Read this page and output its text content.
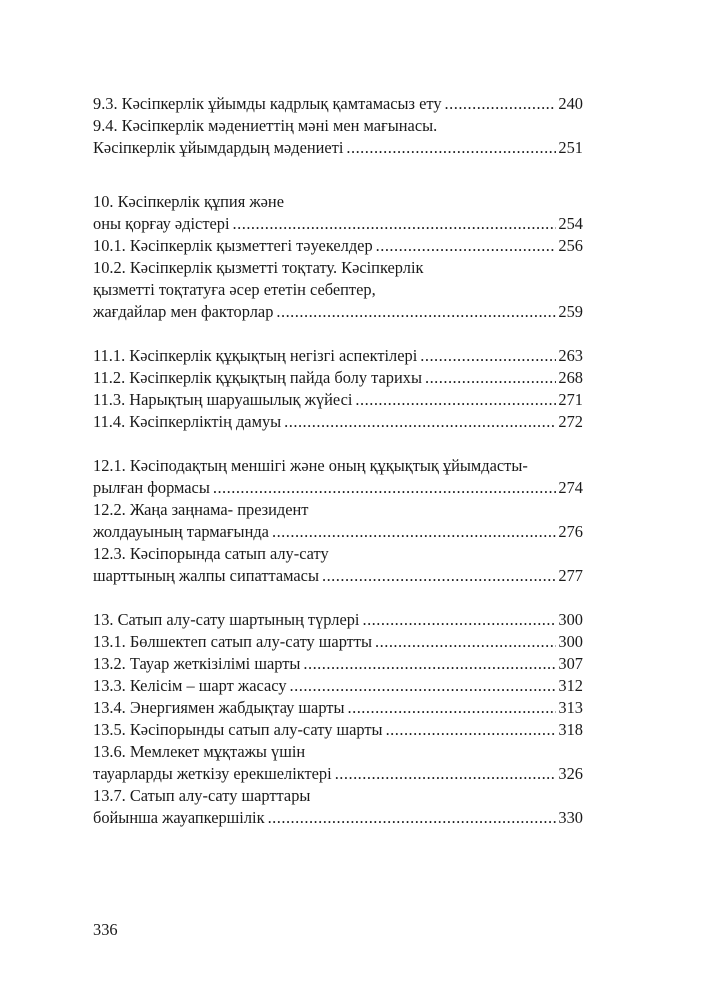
9.3. Кәсіпкерлік ұйымды кадрлық қамтамасыз ету .....	240
9.4. Кәсіпкерлік мәдениеттің мәні мен мағынасы.
Кәсіпкерлік ұйымдардың мәдениеті .....	251
10. Кәсіпкерлік құпия және
оны қорғау әдістері .....	254
10.1. Кәсіпкерлік қызметтегі тәуекелдер .....	256
10.2. Кәсіпкерлік қызметті тоқтату. Кәсіпкерлік
қызметті тоқтатуға әсер ететін себептер,
жағдайлар мен факторлар .....	259
11.1. Кәсіпкерлік құқықтың негізгі аспектілері .....	263
11.2. Кәсіпкерлік құқықтың пайда болу тарихы .....	268
11.3. Нарықтың шаруашылық жүйесі .....	271
11.4. Кәсіпкерліктің дамуы .....	272
12.1. Кәсіподақтың меншігі және оның құқықтық ұйымдасты-
рылған формасы .....	274
12.2. Жаңа заңнама- президент
жолдауының тармағында .....	276
12.3. Кәсіпорында сатып алу-сату
шарттының жалпы сипаттамасы .....	277
13. Сатып алу-сату шартының түрлері .....	300
13.1. Бөлшектеп сатып алу-сату шартты .....	300
13.2. Тауар жеткізілімі шарты .....	307
13.3. Келісім – шарт жасасу .....	312
13.4. Энергиямен жабдықтау шарты .....	313
13.5. Кәсіпорынды сатып алу-сату шарты .....	318
13.6. Мемлекет мұқтажы үшін
тауарларды жеткізу ерекшеліктері .....	326
13.7. Сатып алу-сату шарттары
бойынша жауапкершілік .....	330
336
